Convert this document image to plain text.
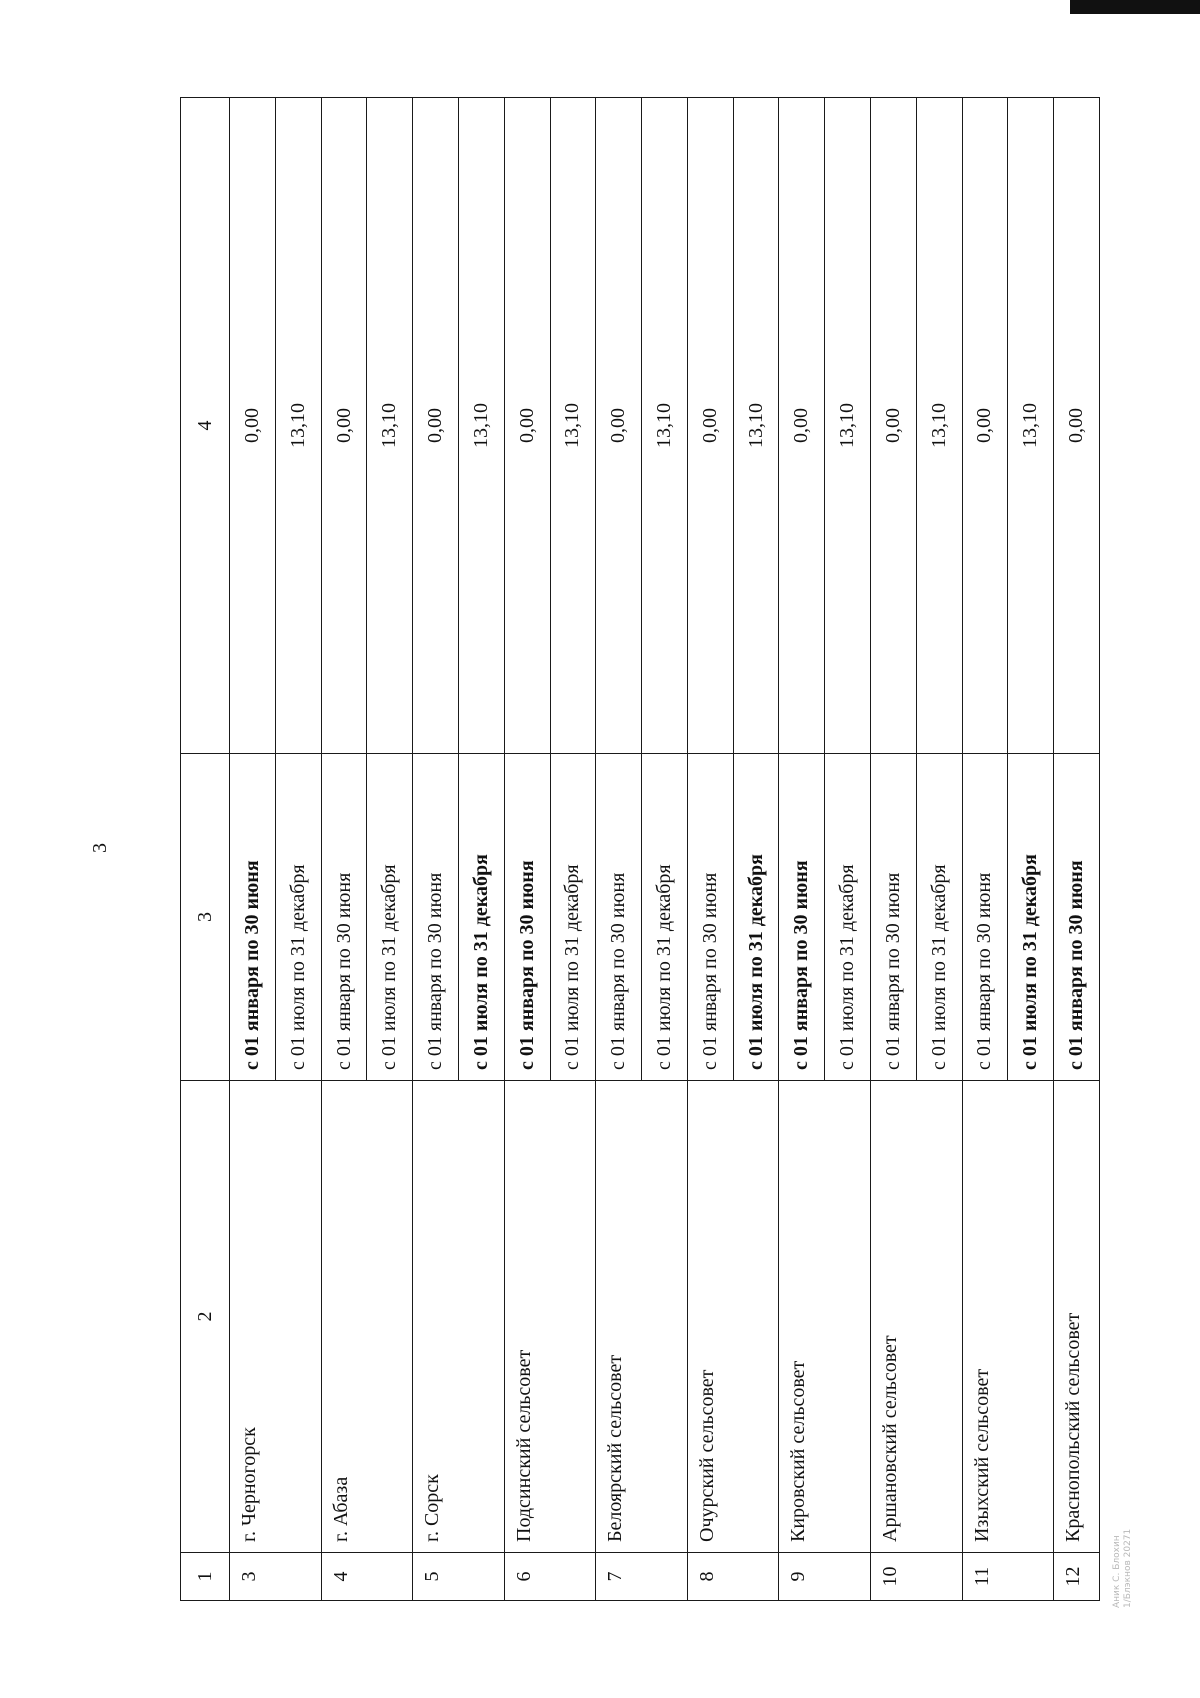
3
1	2	3	4
3	г. Черногорск	с 01 января по 30 июня	0,00
		с 01 июля по 31 декабря	13,10
4	г. Абаза	с 01 января по 30 июня	0,00
		с 01 июля по 31 декабря	13,10
5	г. Сорск	с 01 января по 30 июня	0,00
		с 01 июля по 31 декабря	13,10
6	Подсинский сельсовет	с 01 января по 30 июня	0,00
		с 01 июля по 31 декабря	13,10
7	Белоярский сельсовет	с 01 января по 30 июня	0,00
		с 01 июля по 31 декабря	13,10
8	Очурский сельсовет	с 01 января по 30 июня	0,00
		с 01 июля по 31 декабря	13,10
9	Кировский сельсовет	с 01 января по 30 июня	0,00
		с 01 июля по 31 декабря	13,10
10	Аршановский сельсовет	с 01 января по 30 июня	0,00
		с 01 июля по 31 декабря	13,10
11	Изыхский сельсовет	с 01 января по 30 июня	0,00
		с 01 июля по 31 декабря	13,10
12	Краснопольский сельсовет	с 01 января по 30 июня	0,00
Аник С. Блохин 1/Блэкнов 20271
